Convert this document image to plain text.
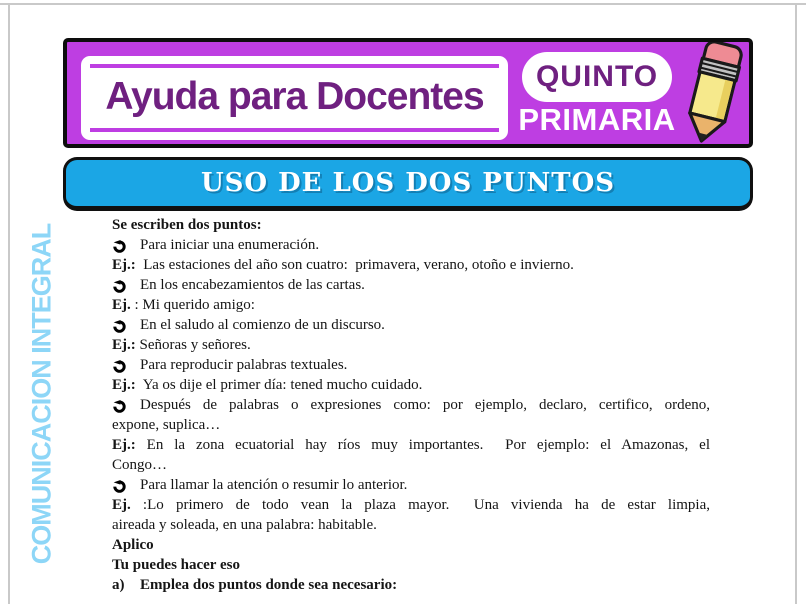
Ayuda para Docentes	QUINTO
PRIMARIA
USO DE LOS DOS PUNTOS
COMUNICACION INTEGRAL	Se escriben dos puntos:
Para iniciar una enumeración.
Ej.:  Las estaciones del año son cuatro:  primavera, verano, otoño e invierno.
En los encabezamientos de las cartas.
Ej. : Mi querido amigo:
En el saludo al comienzo de un discurso.
Ej.: Señoras y señores.
Para reproducir palabras textuales.
Ej.:  Ya os dije el primer día: tened mucho cuidado.
Después de palabras o expresiones como: por ejemplo, declaro, certifico, ordeno,
expone, suplica…
Ej.: En la zona ecuatorial hay ríos muy importantes.  Por ejemplo: el Amazonas, el
Congo…
Para llamar la atención o resumir lo anterior.
Ej. :Lo primero de todo vean la plaza mayor.  Una vivienda ha de estar limpia,
aireada y soleada, en una palabra: habitable.
Aplico
Tu puedes hacer eso
a) Emplea dos puntos donde sea necesario:
